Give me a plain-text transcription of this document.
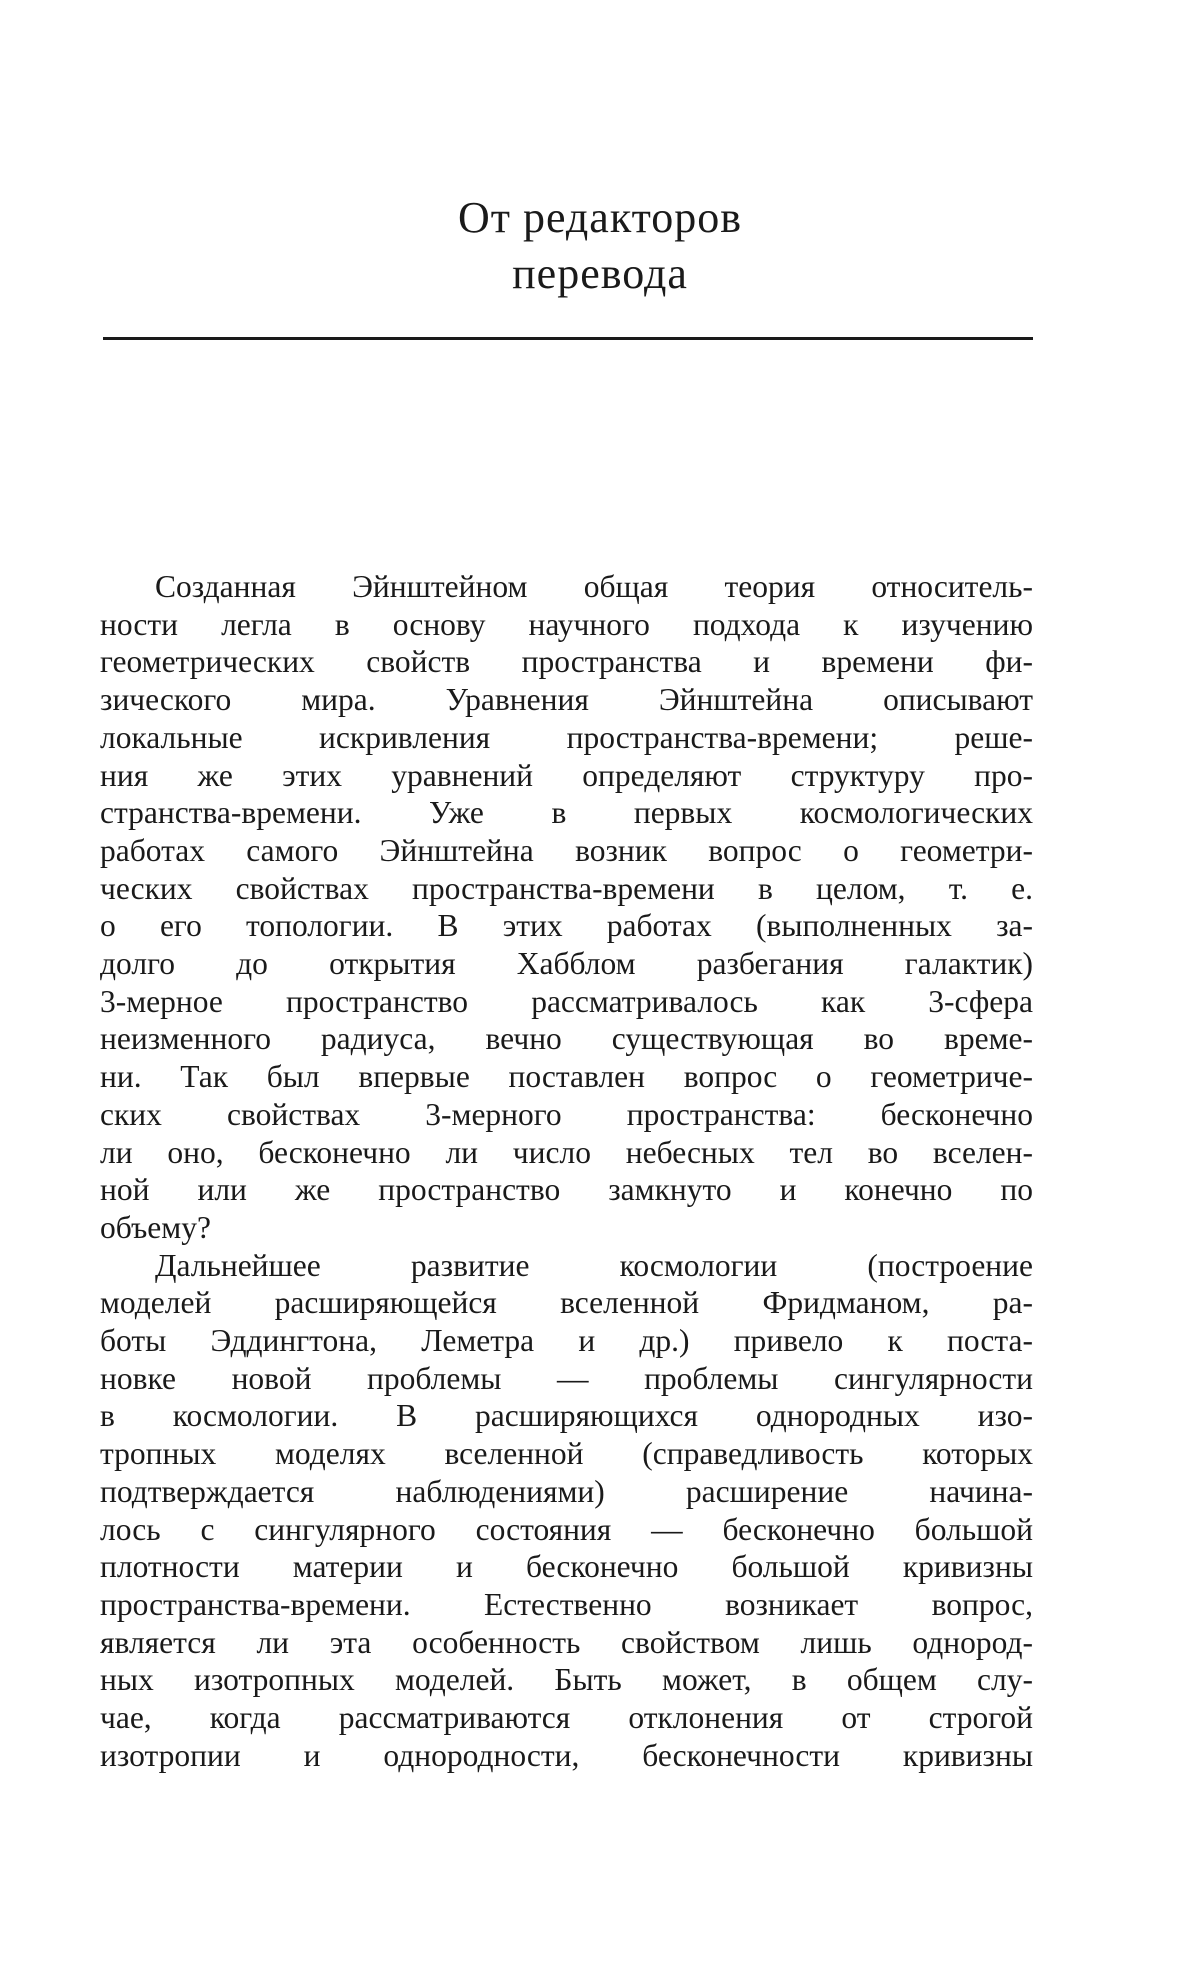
От редакторов
перевода
Созданная Эйнштейном общая теория относитель-
ности легла в основу научного подхода к изучению
геометрических свойств пространства и времени фи-
зического мира. Уравнения Эйнштейна описывают
локальные искривления пространства-времени; реше-
ния же этих уравнений определяют структуру про-
странства-времени. Уже в первых космологических
работах самого Эйнштейна возник вопрос о геометри-
ческих свойствах пространства-времени в целом, т. е.
о его топологии. В этих работах (выполненных за-
долго до открытия Хабблом разбегания галактик)
3-мерное пространство рассматривалось как 3-сфера
неизменного радиуса, вечно существующая во време-
ни. Так был впервые поставлен вопрос о геометриче-
ских свойствах 3-мерного пространства: бесконечно
ли оно, бесконечно ли число небесных тел во вселен-
ной или же пространство замкнуто и конечно по
объему?
Дальнейшее развитие космологии (построение
моделей расширяющейся вселенной Фридманом, ра-
боты Эддингтона, Леметра и др.) привело к поста-
новке новой проблемы — проблемы сингулярности
в космологии. В расширяющихся однородных изо-
тропных моделях вселенной (справедливость которых
подтверждается наблюдениями) расширение начина-
лось с сингулярного состояния — бесконечно большой
плотности материи и бесконечно большой кривизны
пространства-времени. Естественно возникает вопрос,
является ли эта особенность свойством лишь однород-
ных изотропных моделей. Быть может, в общем слу-
чае, когда рассматриваются отклонения от строгой
изотропии и однородности, бесконечности кривизны
